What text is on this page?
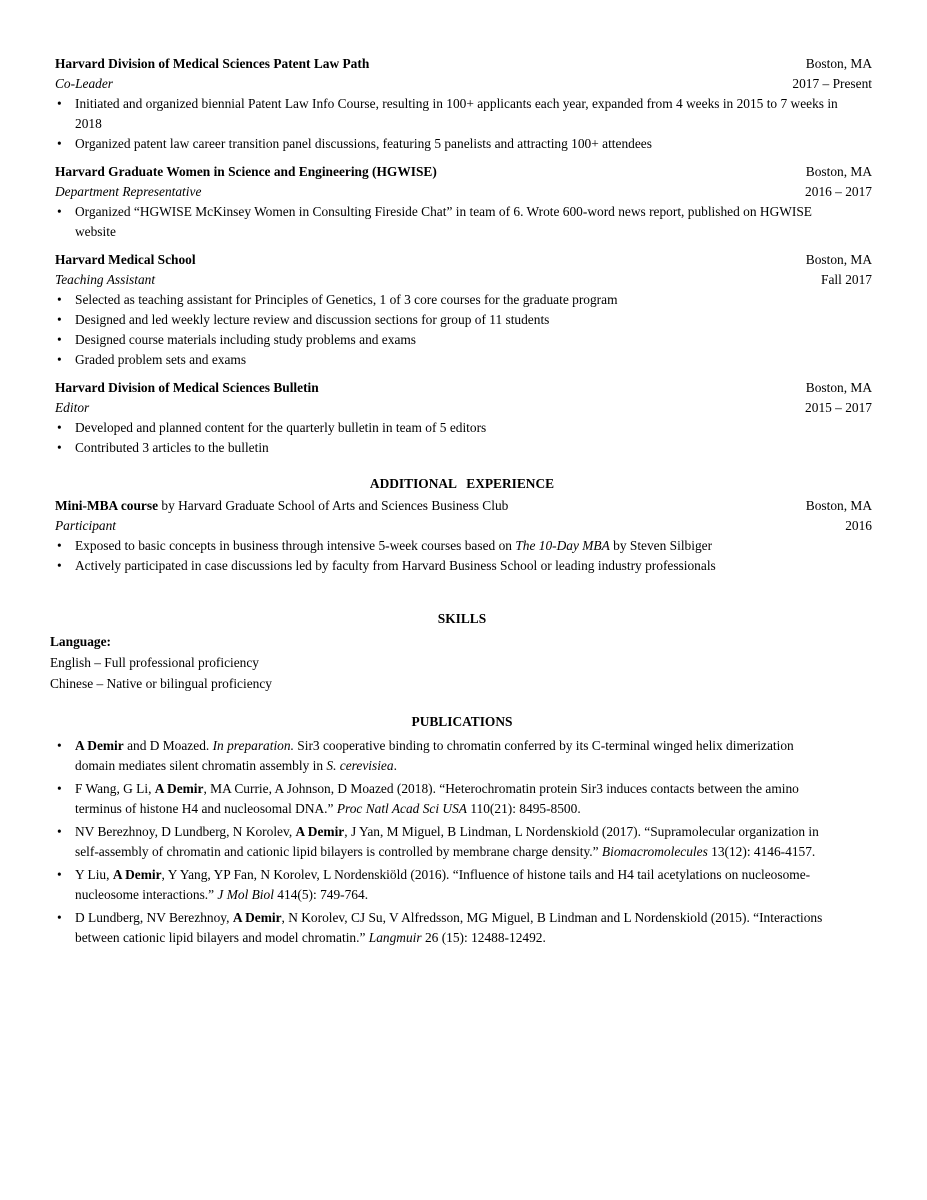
Harvard Division of Medical Sciences Patent Law Path	Boston, MA
Co-Leader	2017 – Present
• Initiated and organized biennial Patent Law Info Course, resulting in 100+ applicants each year, expanded from 4 weeks in 2015 to 7 weeks in 2018
• Organized patent law career transition panel discussions, featuring 5 panelists and attracting 100+ attendees
Harvard Graduate Women in Science and Engineering (HGWISE)	Boston, MA
Department Representative	2016 – 2017
• Organized “HGWISE McKinsey Women in Consulting Fireside Chat” in team of 6. Wrote 600-word news report, published on HGWISE website
Harvard Medical School	Boston, MA
Teaching Assistant	Fall 2017
• Selected as teaching assistant for Principles of Genetics, 1 of 3 core courses for the graduate program
• Designed and led weekly lecture review and discussion sections for group of 11 students
• Designed course materials including study problems and exams
• Graded problem sets and exams
Harvard Division of Medical Sciences Bulletin	Boston, MA
Editor	2015 – 2017
• Developed and planned content for the quarterly bulletin in team of 5 editors
• Contributed 3 articles to the bulletin
ADDITIONAL   EXPERIENCE
Mini-MBA course by Harvard Graduate School of Arts and Sciences Business Club	Boston, MA
Participant	2016
• Exposed to basic concepts in business through intensive 5-week courses based on The 10-Day MBA by Steven Silbiger
• Actively participated in case discussions led by faculty from Harvard Business School or leading industry professionals
SKILLS
Language:
English – Full professional proficiency
Chinese – Native or bilingual proficiency
PUBLICATIONS
• A Demir and D Moazed. In preparation. Sir3 cooperative binding to chromatin conferred by its C-terminal winged helix dimerization domain mediates silent chromatin assembly in S. cerevisiea.
• F Wang, G Li, A Demir, MA Currie, A Johnson, D Moazed (2018). “Heterochromatin protein Sir3 induces contacts between the amino terminus of histone H4 and nucleosomal DNA.” Proc Natl Acad Sci USA 110(21): 8495-8500.
• NV Berezhnoy, D Lundberg, N Korolev, A Demir, J Yan, M Miguel, B Lindman, L Nordenskiold (2017). “Supramolecular organization in self-assembly of chromatin and cationic lipid bilayers is controlled by membrane charge density.” Biomacromolecules 13(12): 4146-4157.
• Y Liu, A Demir, Y Yang, YP Fan, N Korolev, L Nordenskiöld (2016). “Influence of histone tails and H4 tail acetylations on nucleosome-nucleosome interactions.” J Mol Biol 414(5): 749-764.
• D Lundberg, NV Berezhnoy, A Demir, N Korolev, CJ Su, V Alfredsson, MG Miguel, B Lindman and L Nordenskiold (2015). “Interactions between cationic lipid bilayers and model chromatin.” Langmuir 26 (15): 12488-12492.
